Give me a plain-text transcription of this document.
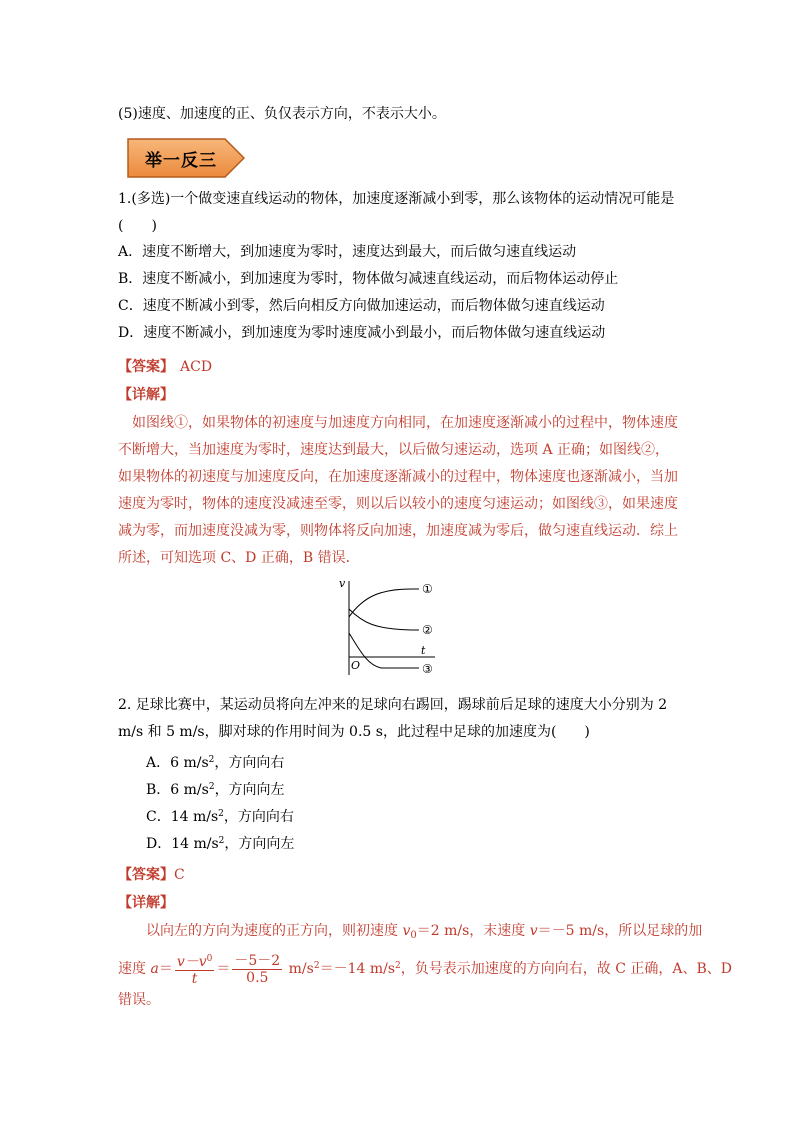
(5)速度、加速度的正、负仅表示方向，不表示大小。
举一反三
1.(多选)一个做变速直线运动的物体，加速度逐渐减小到零，那么该物体的运动情况可能是
(　　)
A．速度不断增大，到加速度为零时，速度达到最大，而后做匀速直线运动
B．速度不断减小，到加速度为零时，物体做匀减速直线运动，而后物体运动停止
C．速度不断减小到零，然后向相反方向做加速运动，而后物体做匀速直线运动
D．速度不断减小，到加速度为零时速度减小到最小，而后物体做匀速直线运动
【答案】 ACD
【详解】
如图线①，如果物体的初速度与加速度方向相同，在加速度逐渐减小的过程中，物体速度
不断增大，当加速度为零时，速度达到最大，以后做匀速运动，选项 A 正确；如图线②，
如果物体的初速度与加速度反向，在加速度逐渐减小的过程中，物体速度也逐渐减小，当加
速度为零时，物体的速度没减速至零，则以后以较小的速度匀速运动；如图线③，如果速度
减为零，而加速度没减为零，则物体将反向加速，加速度减为零后，做匀速直线运动．综上
所述，可知选项 C、D 正确，B 错误．
v
t
O
①
②
③
2. 足球比赛中，某运动员将向左冲来的足球向右踢回，踢球前后足球的速度大小分别为 2
m/s 和 5 m/s，脚对球的作用时间为 0.5 s，此过程中足球的加速度为(　　)
A．6 $m/s^2$，方向向右
B．6 $m/s^2$，方向向左
C．14 $m/s^2$，方向向右
D．14 $m/s^2$，方向向左
【答案】C
【详解】
以向左的方向为速度的正方向，则初速度 $v_0=2$ m/s，末速度 v＝－5 m/s，所以足球的加
速度 $a= \frac{v-v^0}{t} = \frac{-5-2}{0.5} m/s^2=-14$ $m/s^2$，负号表示加速度的方向向右，故 C 正确，A、B、D
错误。
